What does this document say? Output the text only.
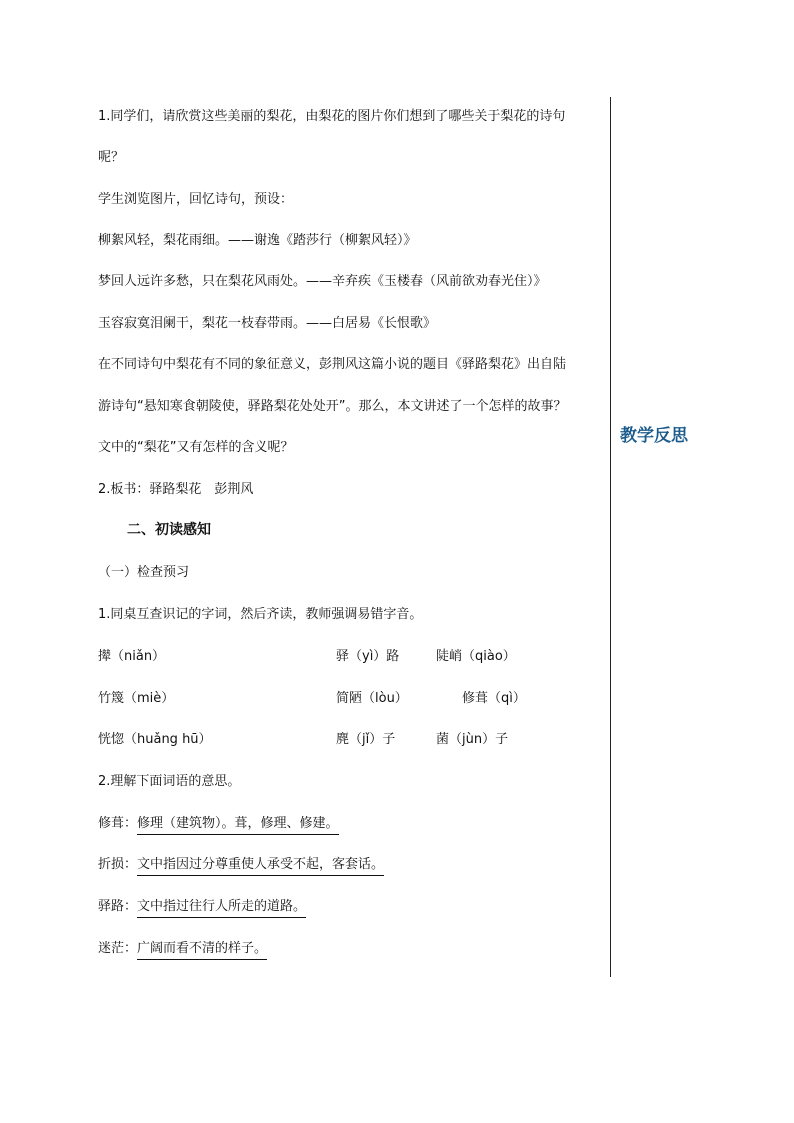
教学反思
1.同学们，请欣赏这些美丽的梨花，由梨花的图片你们想到了哪些关于梨花的诗句
呢？
学生浏览图片，回忆诗句，预设：
柳絮风轻，梨花雨细。——谢逸《踏莎行（柳絮风轻）》
梦回人远许多愁，只在梨花风雨处。——辛弃疾《玉楼春（风前欲劝春光住）》
玉容寂寞泪阑干，梨花一枝春带雨。——白居易《长恨歌》
在不同诗句中梨花有不同的象征意义，彭荆风这篇小说的题目《驿路梨花》出自陆
游诗句“悬知寒食朝陵使，驿路梨花处处开”。那么，本文讲述了一个怎样的故事？
文中的“梨花”又有怎样的含义呢？
2.板书：驿路梨花　彭荆风
二、初读感知
（一）检查预习
1.同桌互查识记的字词，然后齐读，教师强调易错字音。
撵（niǎn）	驿（yì）路	陡峭（qiào）
竹篾（miè）	简陋（lòu）	修葺（qì）
恍惚（huǎng hū）	麂（jǐ）子	菌（jùn）子
2.理解下面词语的意思。
修葺：修理（建筑物）。葺，修理、修建。
折损：文中指因过分尊重使人承受不起，客套话。
驿路：文中指过往行人所走的道路。
迷茫：广阔而看不清的样子。
